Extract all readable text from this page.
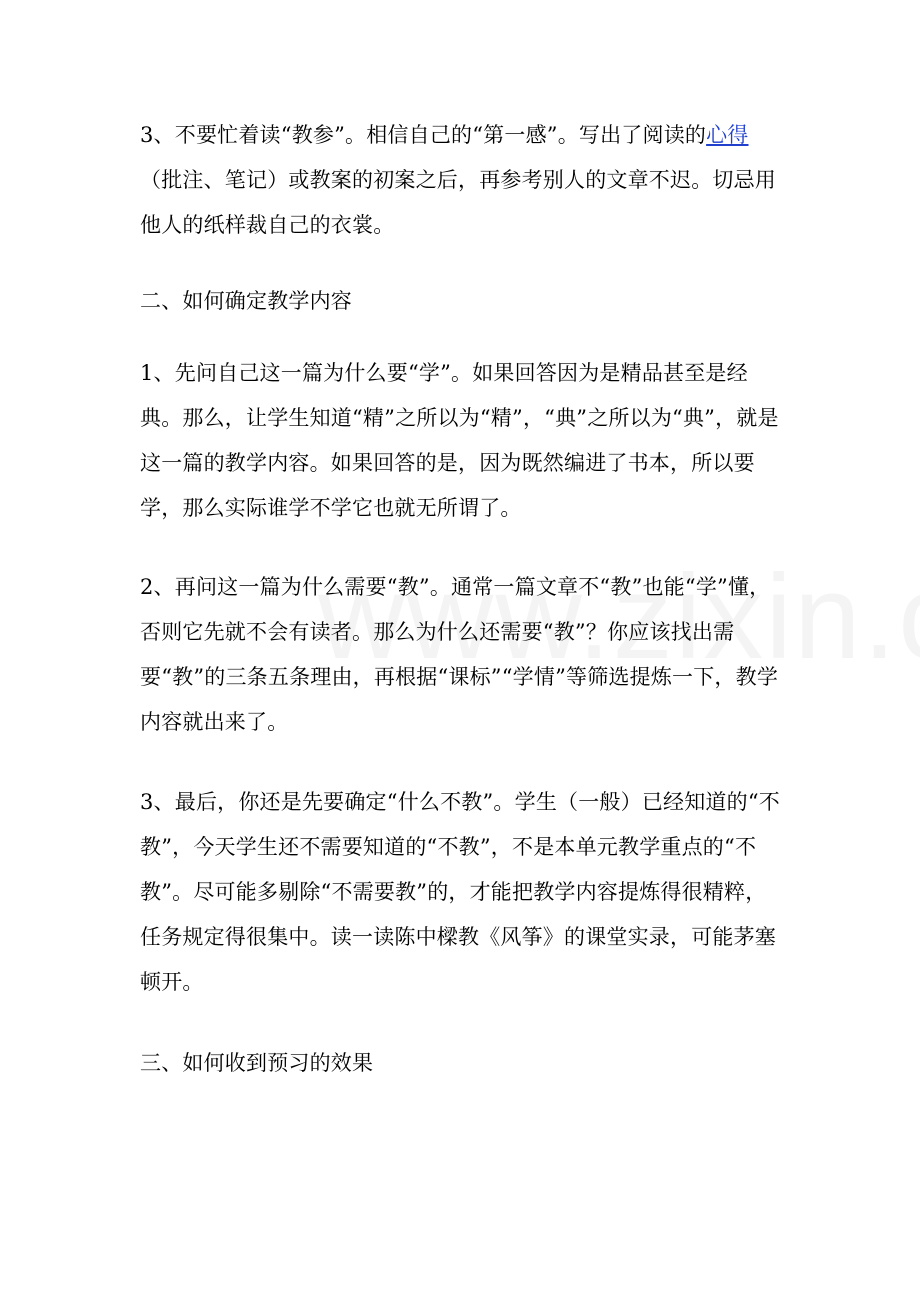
3、不要忙着读“教参”。相信自己的“第一感”。写出了阅读的心得（批注、笔记）或教案的初案之后，再参考别人的文章不迟。切忌用他人的纸样裁自己的衣裳。

二、如何确定教学内容

1、先问自己这一篇为什么要“学”。如果回答因为是精品甚至是经典。那么，让学生知道“精”之所以为“精”，“典”之所以为“典”，就是这一篇的教学内容。如果回答的是，因为既然编进了书本，所以要学，那么实际谁学不学它也就无所谓了。

2、再问这一篇为什么需要“教”。通常一篇文章不“教”也能“学”懂，否则它先就不会有读者。那么为什么还需要“教”？你应该找出需要“教”的三条五条理由，再根据“课标”“学情”等筛选提炼一下，教学内容就出来了。

3、最后，你还是先要确定“什么不教”。学生（一般）已经知道的“不教”，今天学生还不需要知道的“不教”，不是本单元教学重点的“不教”。尽可能多剔除“不需要教”的，才能把教学内容提炼得很精粹，任务规定得很集中。读一读陈中樑教《风筝》的课堂实录，可能茅塞顿开。

三、如何收到预习的效果
